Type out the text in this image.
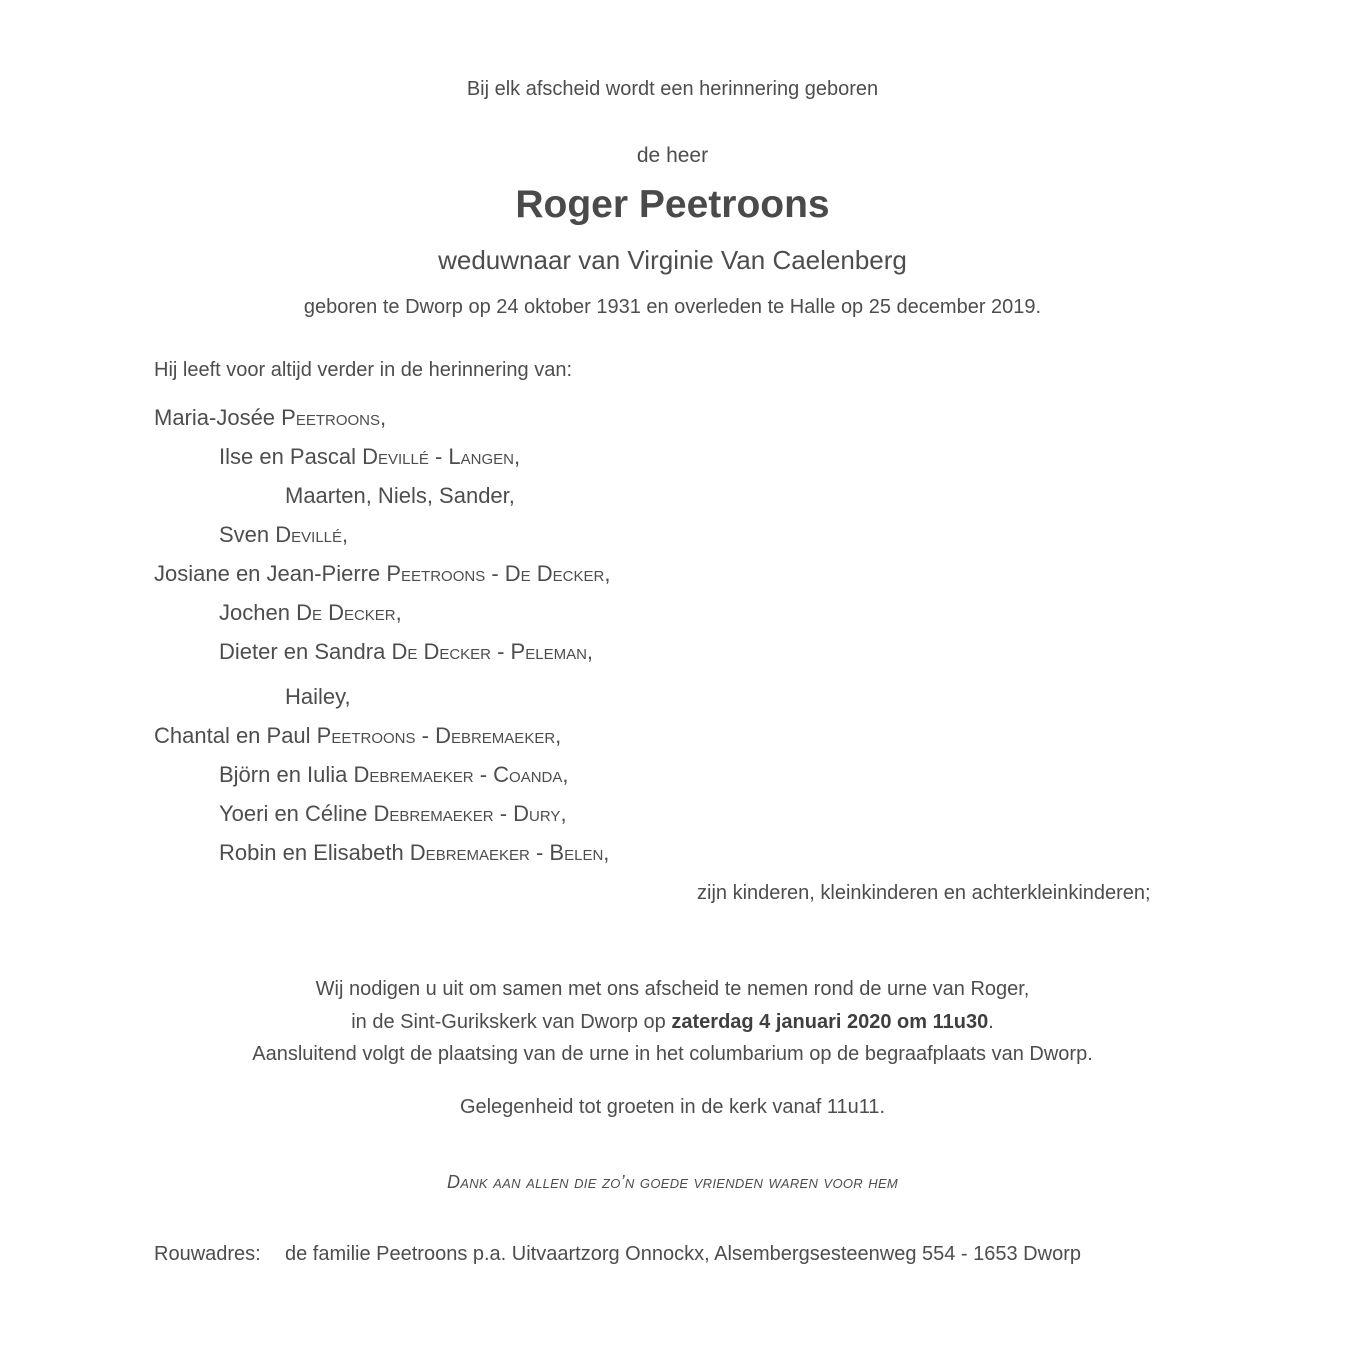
Bij elk afscheid wordt een herinnering geboren
de heer
Roger Peetroons
weduwnaar van Virginie Van Caelenberg
geboren te Dworp op 24 oktober 1931 en overleden te Halle op 25 december 2019.
Hij leeft voor altijd verder in de herinnering van:
Maria-Josée Peetroons,
Ilse en Pascal Devillé - Langen,
Maarten, Niels, Sander,
Sven Devillé,
Josiane en Jean-Pierre Peetroons - De Decker,
Jochen De Decker,
Dieter en Sandra De Decker - Peleman,
Hailey,
Chantal en Paul Peetroons - Debremaeker,
Björn en Iulia Debremaeker - Coanda,
Yoeri en Céline Debremaeker - Dury,
Robin en Elisabeth Debremaeker - Belen,
zijn kinderen, kleinkinderen en achterkleinkinderen;
Wij nodigen u uit om samen met ons afscheid te nemen rond de urne van Roger,
in de Sint-Gurikskerk van Dworp op zaterdag 4 januari 2020 om 11u30.
Aansluitend volgt de plaatsing van de urne in het columbarium op de begraafplaats van Dworp.
Gelegenheid tot groeten in de kerk vanaf 11u11.
Dank aan allen die zo’n goede vrienden waren voor hem
Rouwadres: de familie Peetroons p.a. Uitvaartzorg Onnockx, Alsembergsesteenweg 554 - 1653 Dworp
